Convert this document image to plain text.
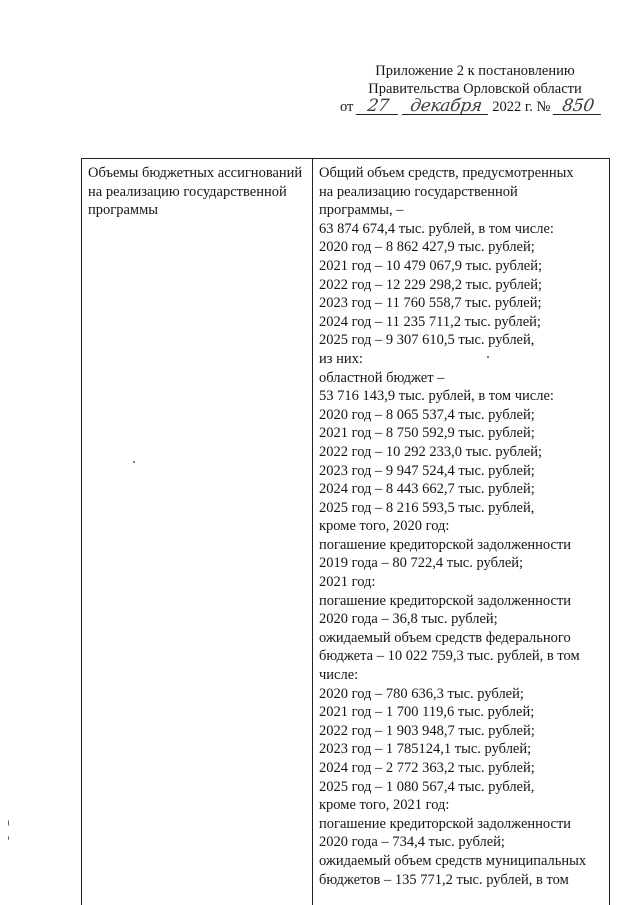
Приложение 2 к постановлению
Правительства Орловской области
от 27 декабря 2022 г. № 850
Объемы бюджетных ассигнований на реализацию государственной программы
Общий объем средств, предусмотренных
на реализацию государственной
программы, –
63 874 674,4 тыс. рублей, в том числе:
2020 год – 8 862 427,9 тыс. рублей;
2021 год – 10 479 067,9 тыс. рублей;
2022 год – 12 229 298,2 тыс. рублей;
2023 год – 11 760 558,7 тыс. рублей;
2024 год – 11 235 711,2 тыс. рублей;
2025 год – 9 307 610,5 тыс. рублей,
из них:
областной бюджет –
53 716 143,9 тыс. рублей, в том числе:
2020 год – 8 065 537,4 тыс. рублей;
2021 год – 8 750 592,9 тыс. рублей;
2022 год – 10 292 233,0 тыс. рублей;
2023 год – 9 947 524,4 тыс. рублей;
2024 год – 8 443 662,7 тыс. рублей;
2025 год – 8 216 593,5 тыс. рублей,
кроме того, 2020 год:
погашение кредиторской задолженности
2019 года – 80 722,4 тыс. рублей;
2021 год:
погашение кредиторской задолженности
2020 года – 36,8 тыс. рублей;
ожидаемый объем средств федерального
бюджета – 10 022 759,3 тыс. рублей, в том
числе:
2020 год – 780 636,3 тыс. рублей;
2021 год – 1 700 119,6 тыс. рублей;
2022 год – 1 903 948,7 тыс. рублей;
2023 год – 1 785124,1 тыс. рублей;
2024 год – 2 772 363,2 тыс. рублей;
2025 год – 1 080 567,4 тыс. рублей,
кроме того, 2021 год:
погашение кредиторской задолженности
2020 года – 734,4 тыс. рублей;
ожидаемый объем средств муниципальных
бюджетов – 135 771,2 тыс. рублей, в том
